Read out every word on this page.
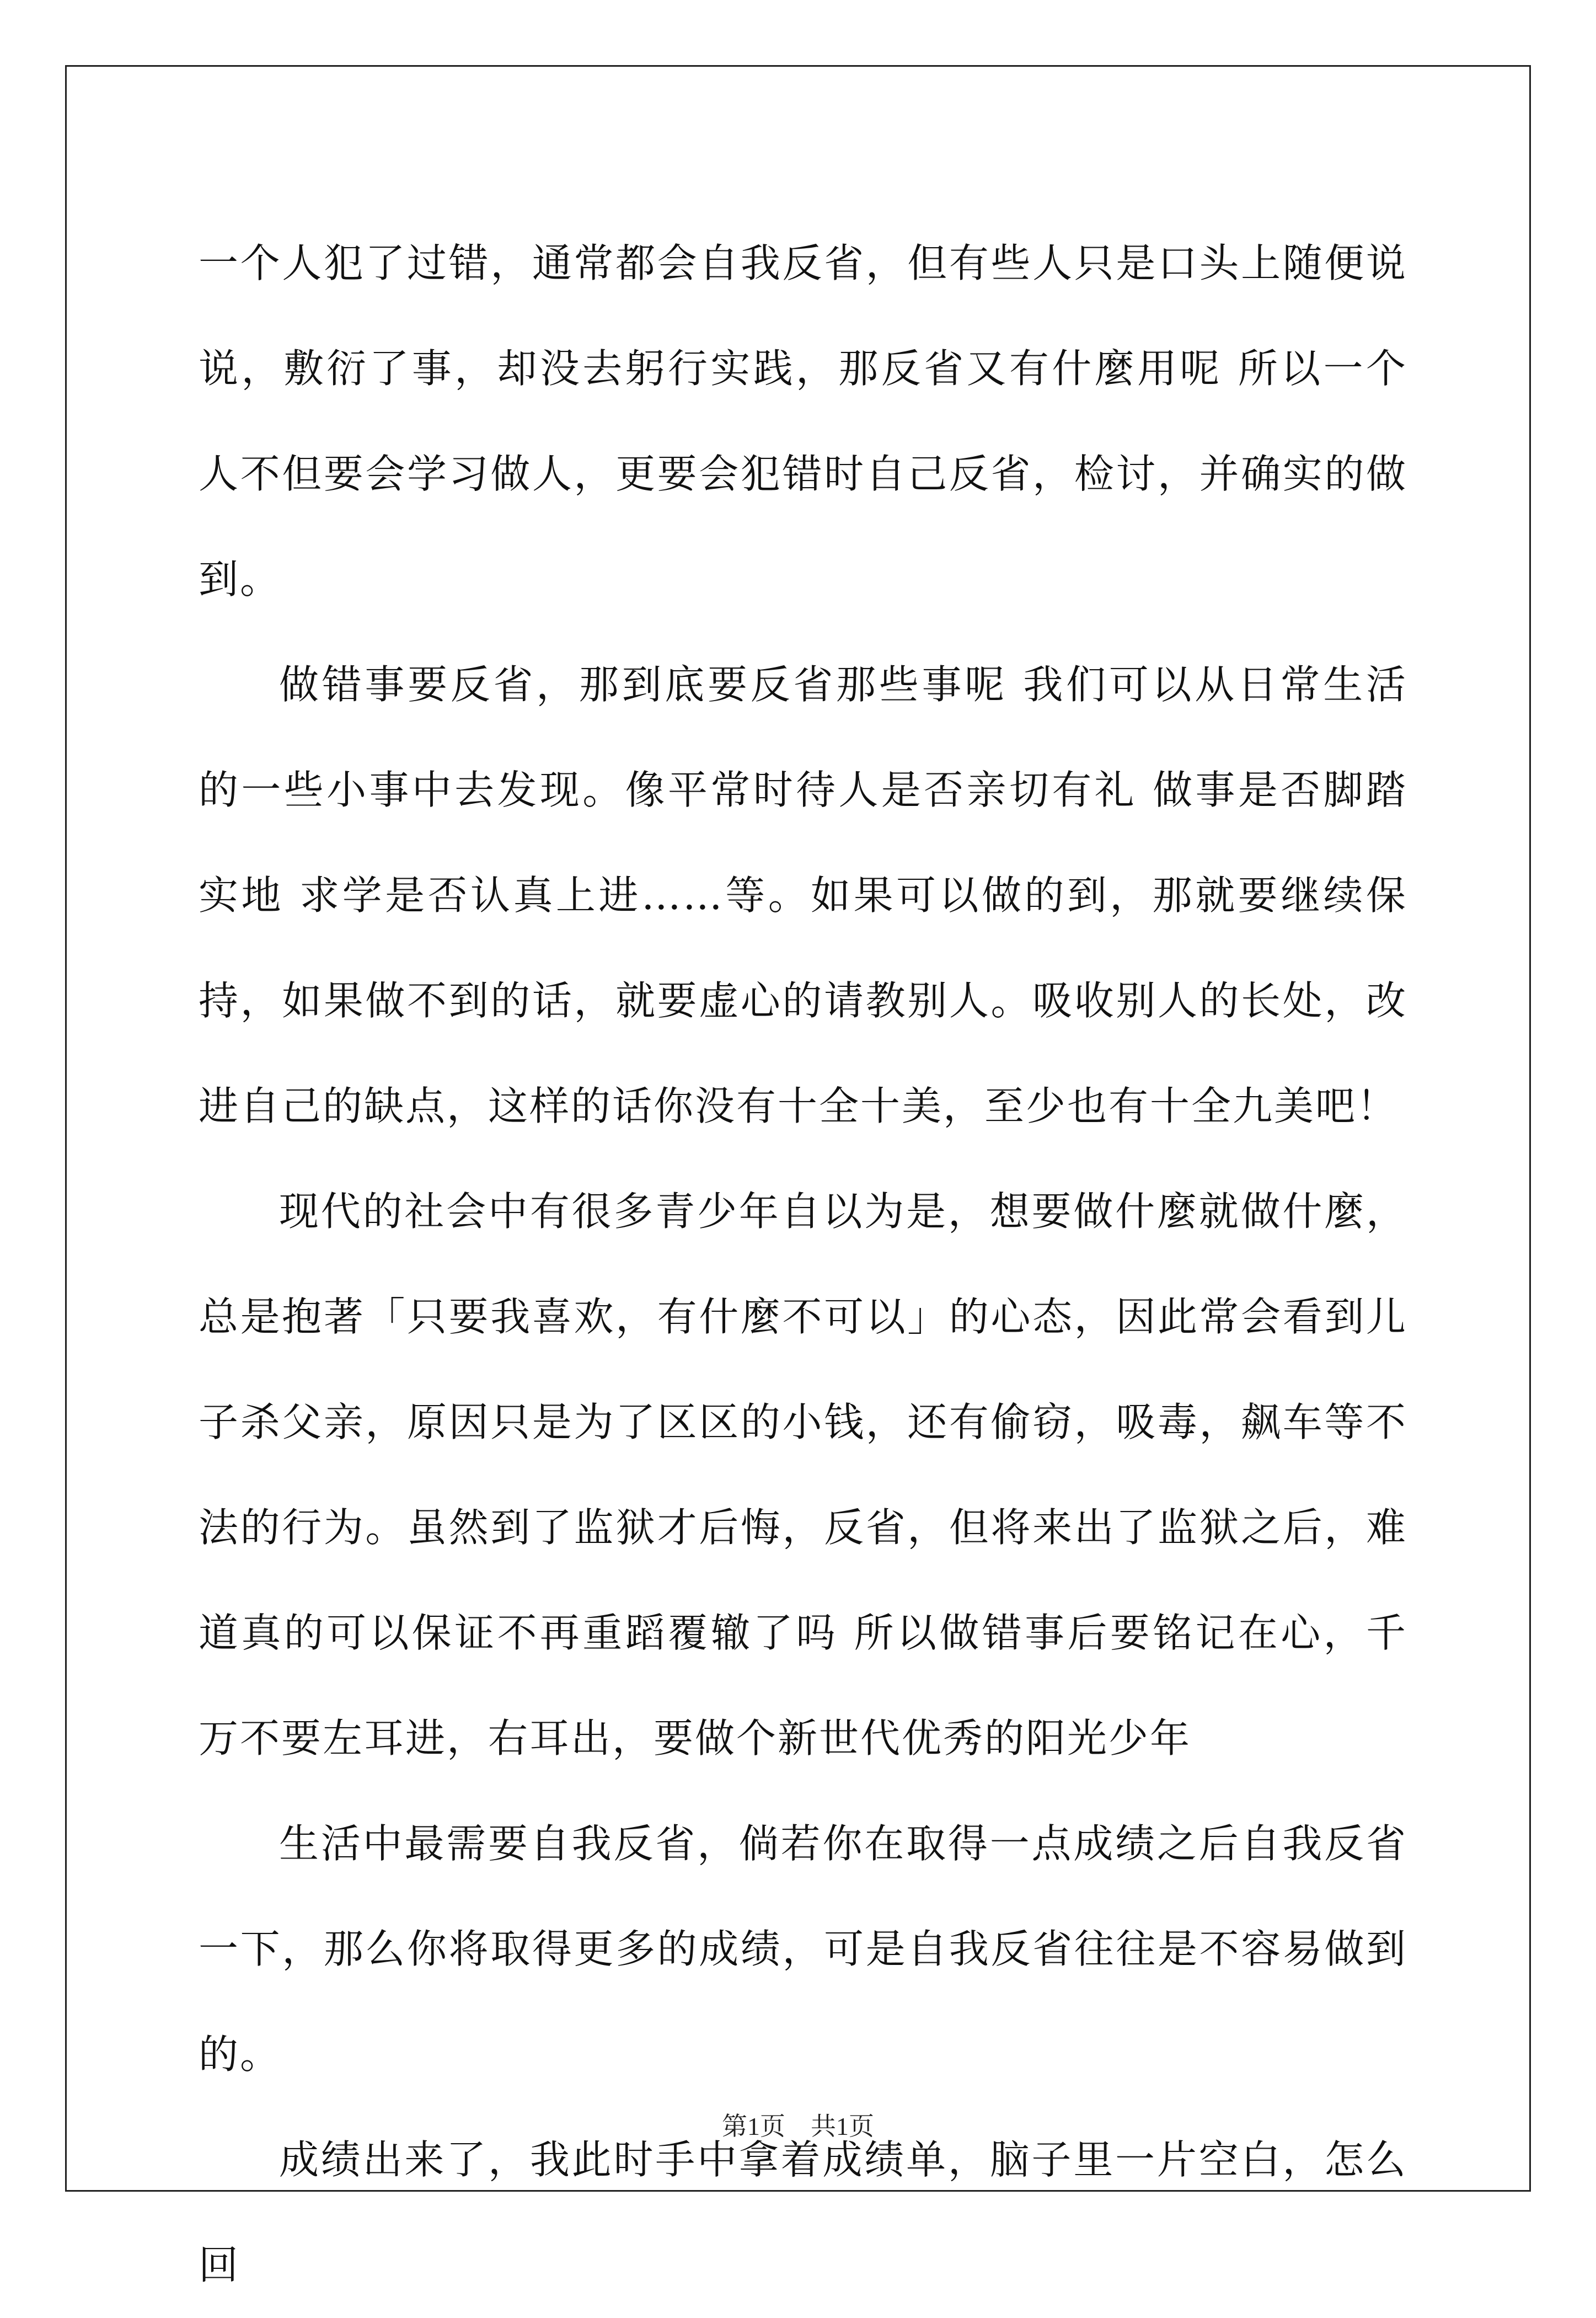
一个人犯了过错，通常都会自我反省，但有些人只是口头上随便说说，敷衍了事，却没去躬行实践，那反省又有什麼用呢 所以一个人不但要会学习做人，更要会犯错时自己反省，检讨，并确实的做到。

做错事要反省，那到底要反省那些事呢 我们可以从日常生活的一些小事中去发现。像平常时待人是否亲切有礼 做事是否脚踏实地 求学是否认真上进……等。如果可以做的到，那就要继续保持，如果做不到的话，就要虚心的请教别人。吸收别人的长处，改进自己的缺点，这样的话你没有十全十美，至少也有十全九美吧！

现代的社会中有很多青少年自以为是，想要做什麼就做什麼，总是抱著「只要我喜欢，有什麼不可以」的心态，因此常会看到儿子杀父亲，原因只是为了区区的小钱，还有偷窃，吸毒，飙车等不法的行为。虽然到了监狱才后悔，反省，但将来出了监狱之后，难道真的可以保证不再重蹈覆辙了吗 所以做错事后要铭记在心，千万不要左耳进，右耳出，要做个新世代优秀的阳光少年

生活中最需要自我反省，倘若你在取得一点成绩之后自我反省一下，那么你将取得更多的成绩，可是自我反省往往是不容易做到的。

成绩出来了，我此时手中拿着成绩单，脑子里一片空白，怎么回

第1页　共1页
